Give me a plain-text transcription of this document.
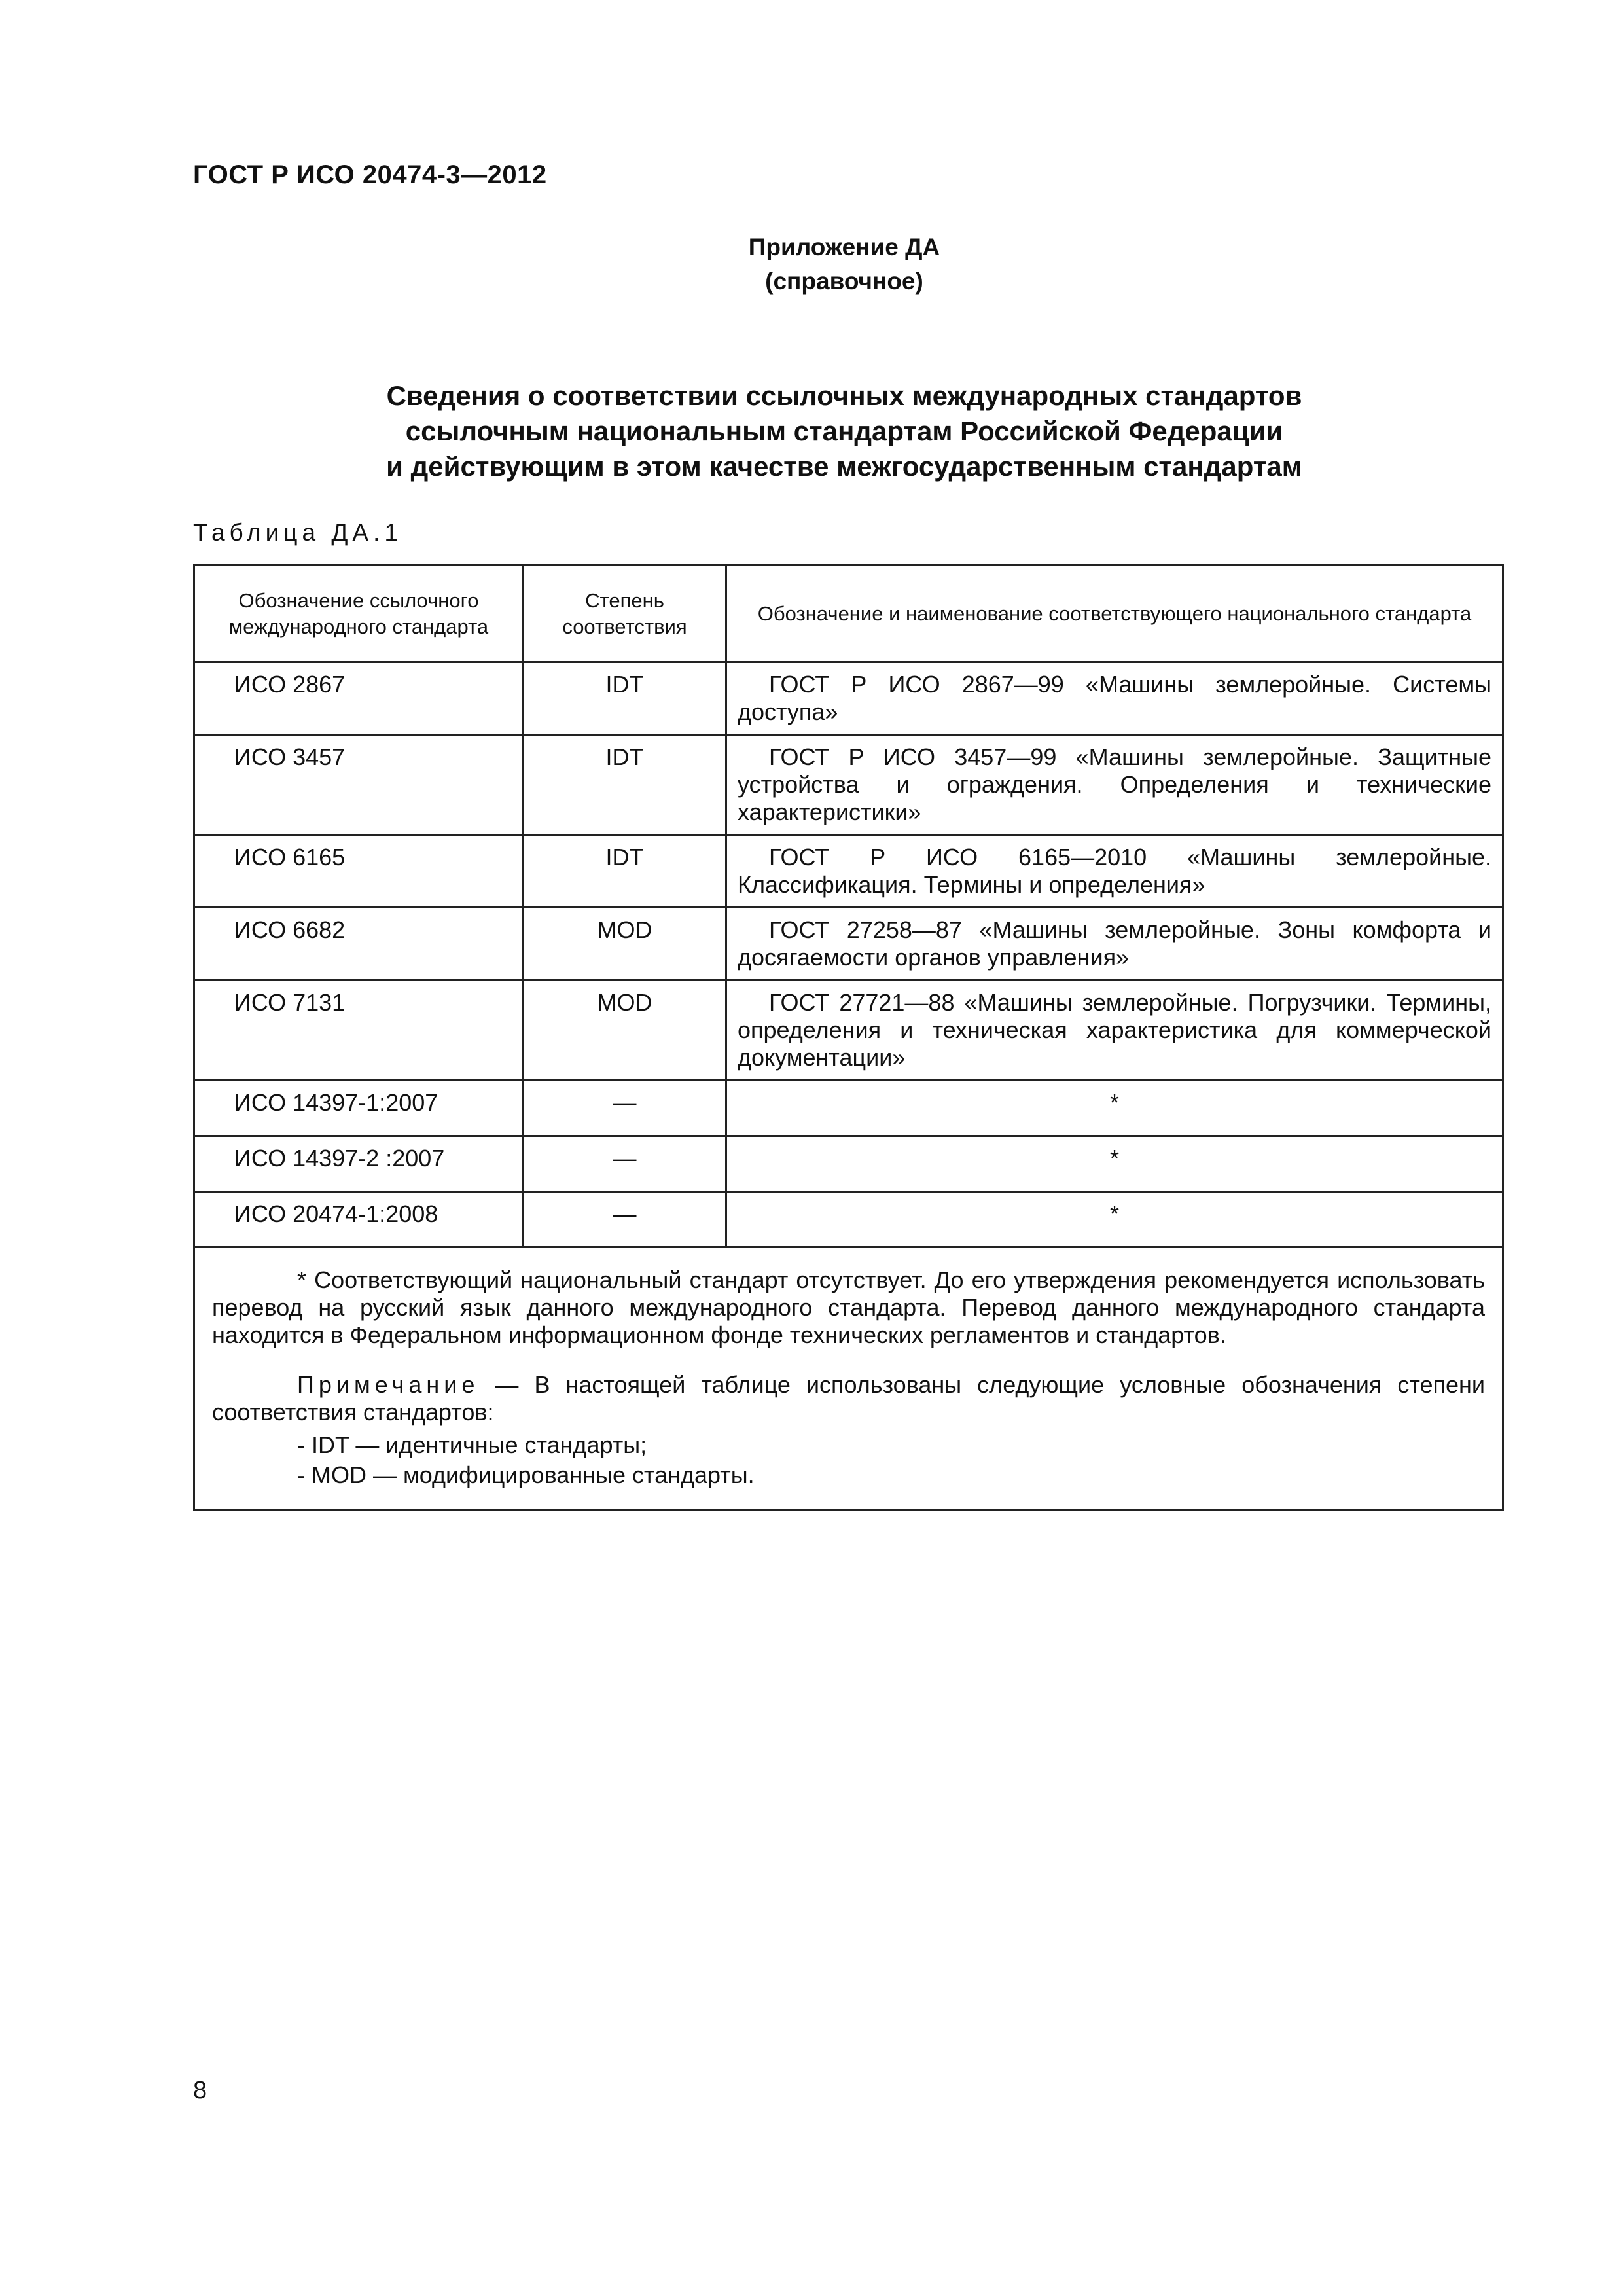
ГОСТ Р ИСО 20474-3—2012
Приложение ДА
(справочное)
Сведения о соответствии ссылочных международных стандартов
ссылочным национальным стандартам Российской Федерации
и действующим в этом качестве межгосударственным стандартам
Таблица ДА.1
Обозначение ссылочного международного стандарта	Степень соответствия	Обозначение и наименование соответствующего национального стандарта
ИСО 2867	IDT	ГОСТ Р ИСО 2867—99 «Машины землеройные. Системы доступа»
ИСО 3457	IDT	ГОСТ Р ИСО 3457—99 «Машины землеройные. Защитные устройства и ограждения. Определения и технические характеристики»
ИСО 6165	IDT	ГОСТ Р ИСО 6165—2010 «Машины землеройные. Классификация. Термины и определения»
ИСО 6682	MOD	ГОСТ 27258—87 «Машины землеройные. Зоны комфорта и досягаемости органов управления»
ИСО 7131	MOD	ГОСТ 27721—88 «Машины землеройные. Погрузчики. Термины, определения и техническая характеристика для коммерческой документации»
ИСО 14397-1:2007	—	*
ИСО 14397-2 :2007	—	*
ИСО 20474-1:2008	—	*

* Соответствующий национальный стандарт отсутствует. До его утверждения рекомендуется использовать перевод на русский язык данного международного стандарта. Перевод данного международного стандарта находится в Федеральном информационном фонде технических регламентов и стандартов.

Примечание — В настоящей таблице использованы следующие условные обозначения степени соответствия стандартов:

- IDT — идентичные стандарты;
- MOD — модифицированные стандарты.		
8
